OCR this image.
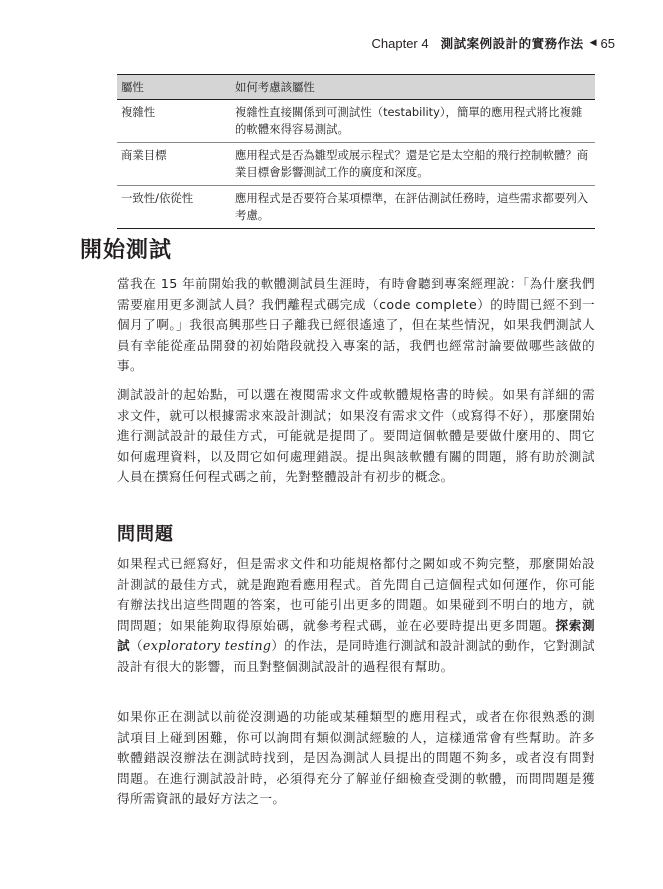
Chapter 4 測試案例設計的實務作法 ◀ 65
屬性	如何考慮該屬性
複雜性	複雜性直接關係到可測試性（testability），簡單的應用程式將比複雜的軟體來得容易測試。
商業目標	應用程式是否為雛型或展示程式？還是它是太空船的飛行控制軟體？商業目標會影響測試工作的廣度和深度。
一致性/依從性	應用程式是否要符合某項標準，在評估測試任務時，這些需求都要列入考慮。
開始測試

當我在 15 年前開始我的軟體測試員生涯時，有時會聽到專案經理說：「為什麼我們需要雇用更多測試人員？我們離程式碼完成（code complete）的時間已經不到一個月了啊。」我很高興那些日子離我已經很遙遠了，但在某些情況，如果我們測試人員有幸能從產品開發的初始階段就投入專案的話，我們也經常討論要做哪些該做的事。

測試設計的起始點，可以選在複閱需求文件或軟體規格書的時候。如果有詳細的需求文件，就可以根據需求來設計測試；如果沒有需求文件（或寫得不好），那麼開始進行測試設計的最佳方式，可能就是提問了。要問這個軟體是要做什麼用的、問它如何處理資料，以及問它如何處理錯誤。提出與該軟體有關的問題，將有助於測試人員在撰寫任何程式碼之前，先對整體設計有初步的概念。

問問題

如果程式已經寫好，但是需求文件和功能規格都付之闕如或不夠完整，那麼開始設計測試的最佳方式，就是跑跑看應用程式。首先問自己這個程式如何運作，你可能有辦法找出這些問題的答案，也可能引出更多的問題。如果碰到不明白的地方，就問問題；如果能夠取得原始碼，就參考程式碼，並在必要時提出更多問題。探索測試（exploratory testing）的作法，是同時進行測試和設計測試的動作，它對測試設計有很大的影響，而且對整個測試設計的過程很有幫助。

如果你正在測試以前從沒測過的功能或某種類型的應用程式，或者在你很熟悉的測試項目上碰到困難，你可以詢問有類似測試經驗的人，這樣通常會有些幫助。許多軟體錯誤沒辦法在測試時找到，是因為測試人員提出的問題不夠多，或者沒有問對問題。在進行測試設計時，必須得充分了解並仔細檢查受測的軟體，而問問題是獲得所需資訊的最好方法之一。
